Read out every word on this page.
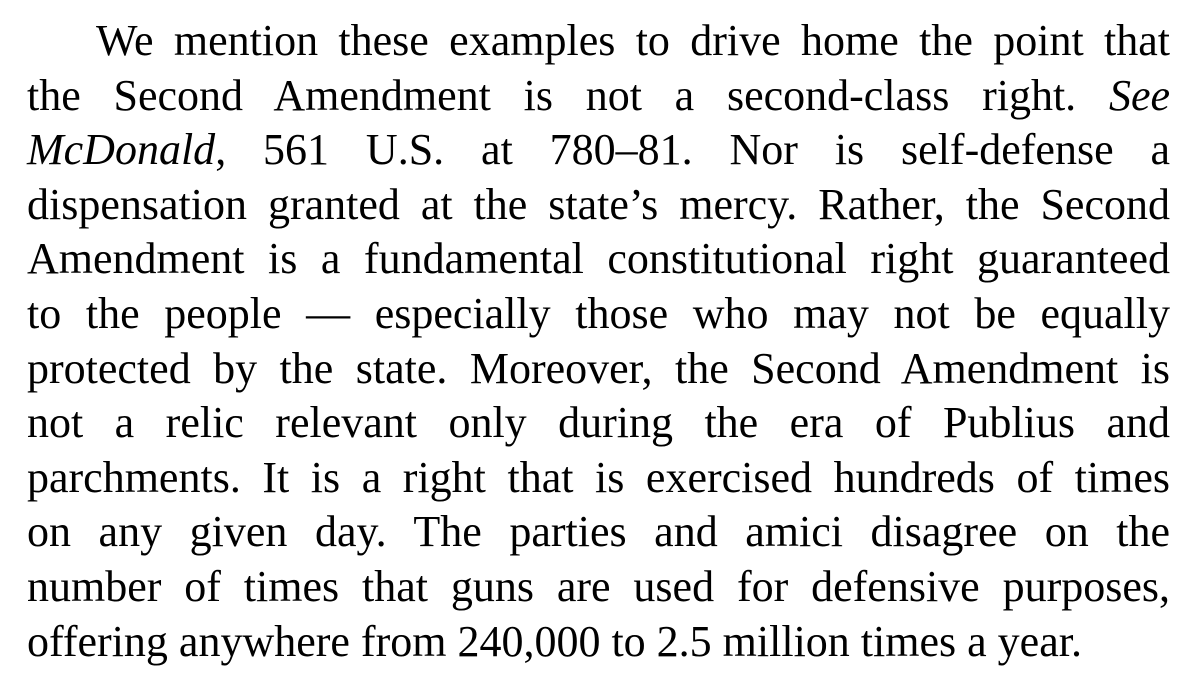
We mention these examples to drive home the point that
the Second Amendment is not a second-class right. See
McDonald, 561 U.S. at 780–81. Nor is self-defense a
dispensation granted at the state’s mercy. Rather, the Second
Amendment is a fundamental constitutional right guaranteed
to the people — especially those who may not be equally
protected by the state. Moreover, the Second Amendment is
not a relic relevant only during the era of Publius and
parchments. It is a right that is exercised hundreds of times
on any given day. The parties and amici disagree on the
number of times that guns are used for defensive purposes,
offering anywhere from 240,000 to 2.5 million times a year.
